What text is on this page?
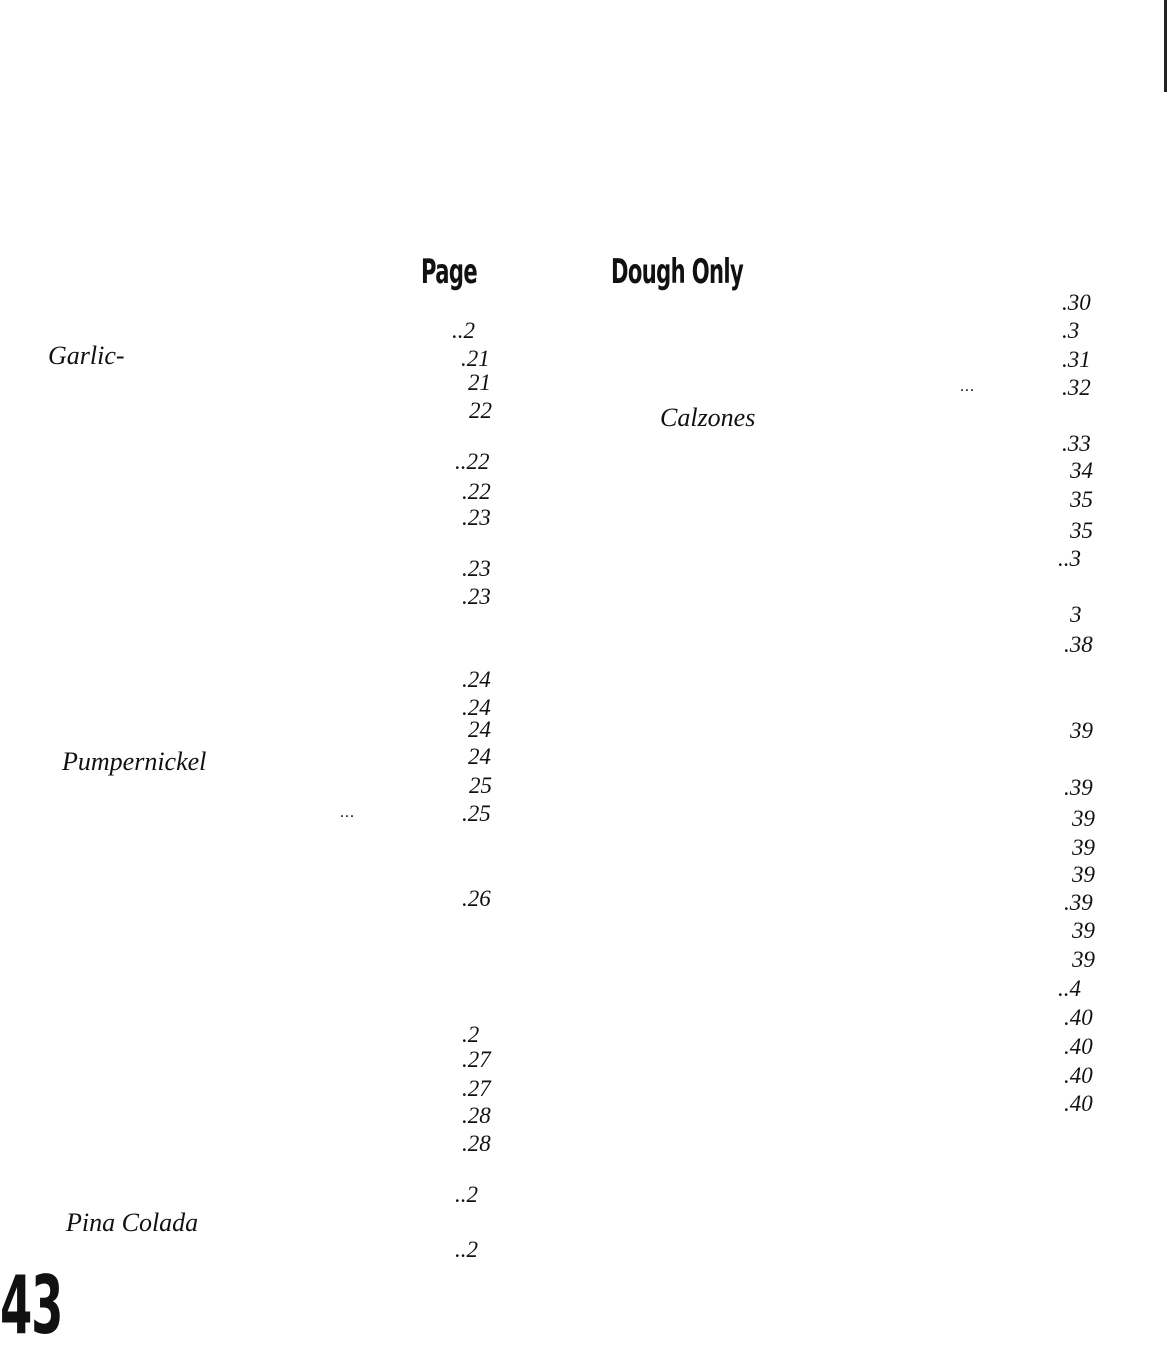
Page	Dough Only
Garlic-
Pumpernickel
Pina Colada
Calzones
...
...
..2
.21
21
22
..22
.22
.23
.23
.23
.24
.24
24
24
25
.25
.26
.2
.27
.27
.28
.28
..2
..2
.30
.3
.31
.32
.33
34
35
35
..3
3
.38
39
.39
39
39
39
.39
39
39
..4
.40
.40
.40
.40
43
